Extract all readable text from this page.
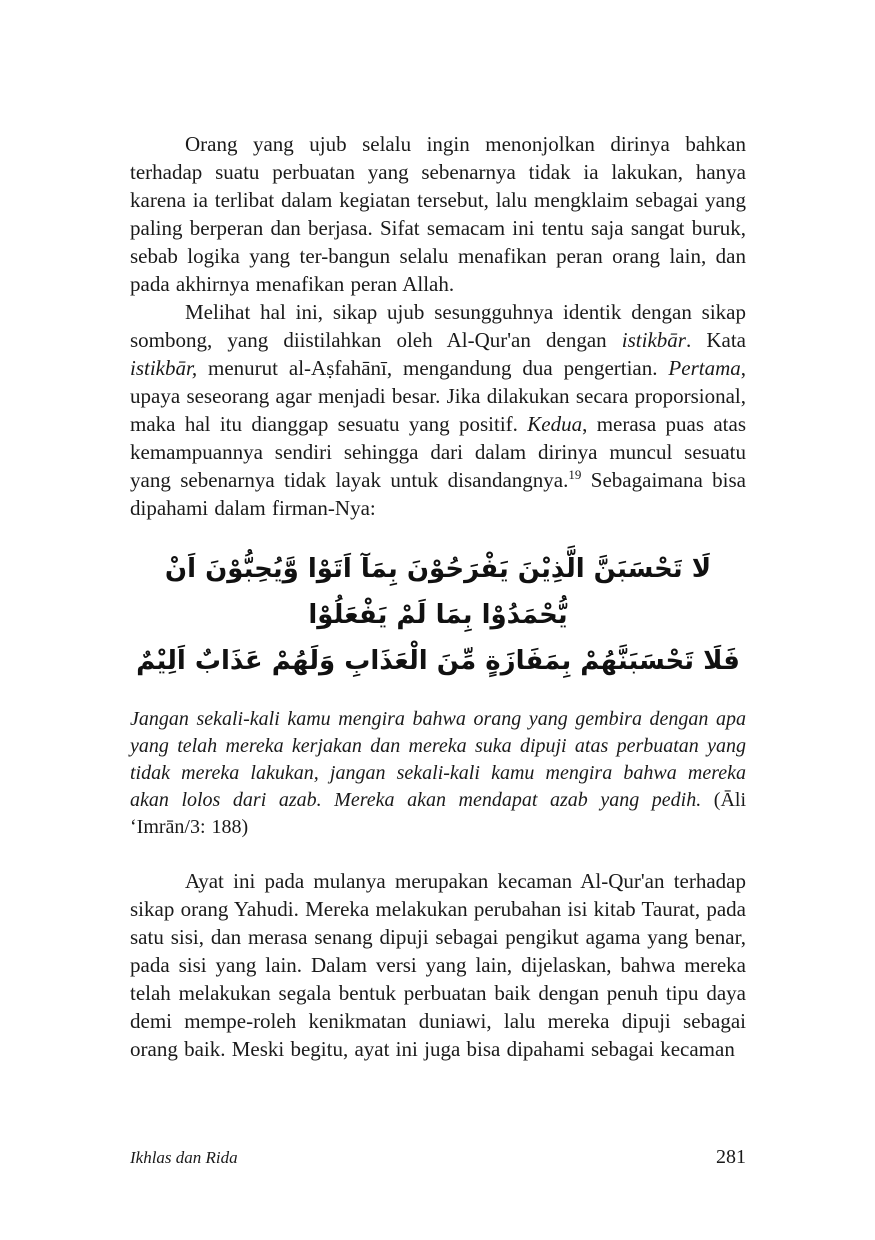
Orang yang ujub selalu ingin menonjolkan dirinya bahkan terhadap suatu perbuatan yang sebenarnya tidak ia lakukan, hanya karena ia terlibat dalam kegiatan tersebut, lalu mengklaim sebagai yang paling berperan dan berjasa. Sifat semacam ini tentu saja sangat buruk, sebab logika yang ter-bangun selalu menafikan peran orang lain, dan pada akhirnya menafikan peran Allah.

Melihat hal ini, sikap ujub sesungguhnya identik dengan sikap sombong, yang diistilahkan oleh Al-Qur'an dengan istikbār. Kata istikbār, menurut al-Aṣfahānī, mengandung dua pengertian. Pertama, upaya seseorang agar menjadi besar. Jika dilakukan secara proporsional, maka hal itu dianggap sesuatu yang positif. Kedua, merasa puas atas kemampuannya sendiri sehingga dari dalam dirinya muncul sesuatu yang sebenarnya tidak layak untuk disandangnya.$^{19}$ Sebagaimana bisa dipahami dalam firman-Nya:

لَا تَحْسَبَنَّ الَّذِيْنَ يَفْرَحُوْنَ بِمَآ اَتَوْا وَّيُحِبُّوْنَ اَنْ يُّحْمَدُوْا بِمَا لَمْ يَفْعَلُوْا
فَلَا تَحْسَبَنَّهُمْ بِمَفَازَةٍ مِّنَ الْعَذَابِ وَلَهُمْ عَذَابٌ اَلِيْمٌ

Jangan sekali-kali kamu mengira bahwa orang yang gembira dengan apa yang telah mereka kerjakan dan mereka suka dipuji atas perbuatan yang tidak mereka lakukan, jangan sekali-kali kamu mengira bahwa mereka akan lolos dari azab. Mereka akan mendapat azab yang pedih. (Āli ‘Imrān/3: 188)

Ayat ini pada mulanya merupakan kecaman Al-Qur'an terhadap sikap orang Yahudi. Mereka melakukan perubahan isi kitab Taurat, pada satu sisi, dan merasa senang dipuji sebagai pengikut agama yang benar, pada sisi yang lain. Dalam versi yang lain, dijelaskan, bahwa mereka telah melakukan segala bentuk perbuatan baik dengan penuh tipu daya demi mempe-roleh kenikmatan duniawi, lalu mereka dipuji sebagai orang baik. Meski begitu, ayat ini juga bisa dipahami sebagai kecaman

Ikhlas dan Rida	281
